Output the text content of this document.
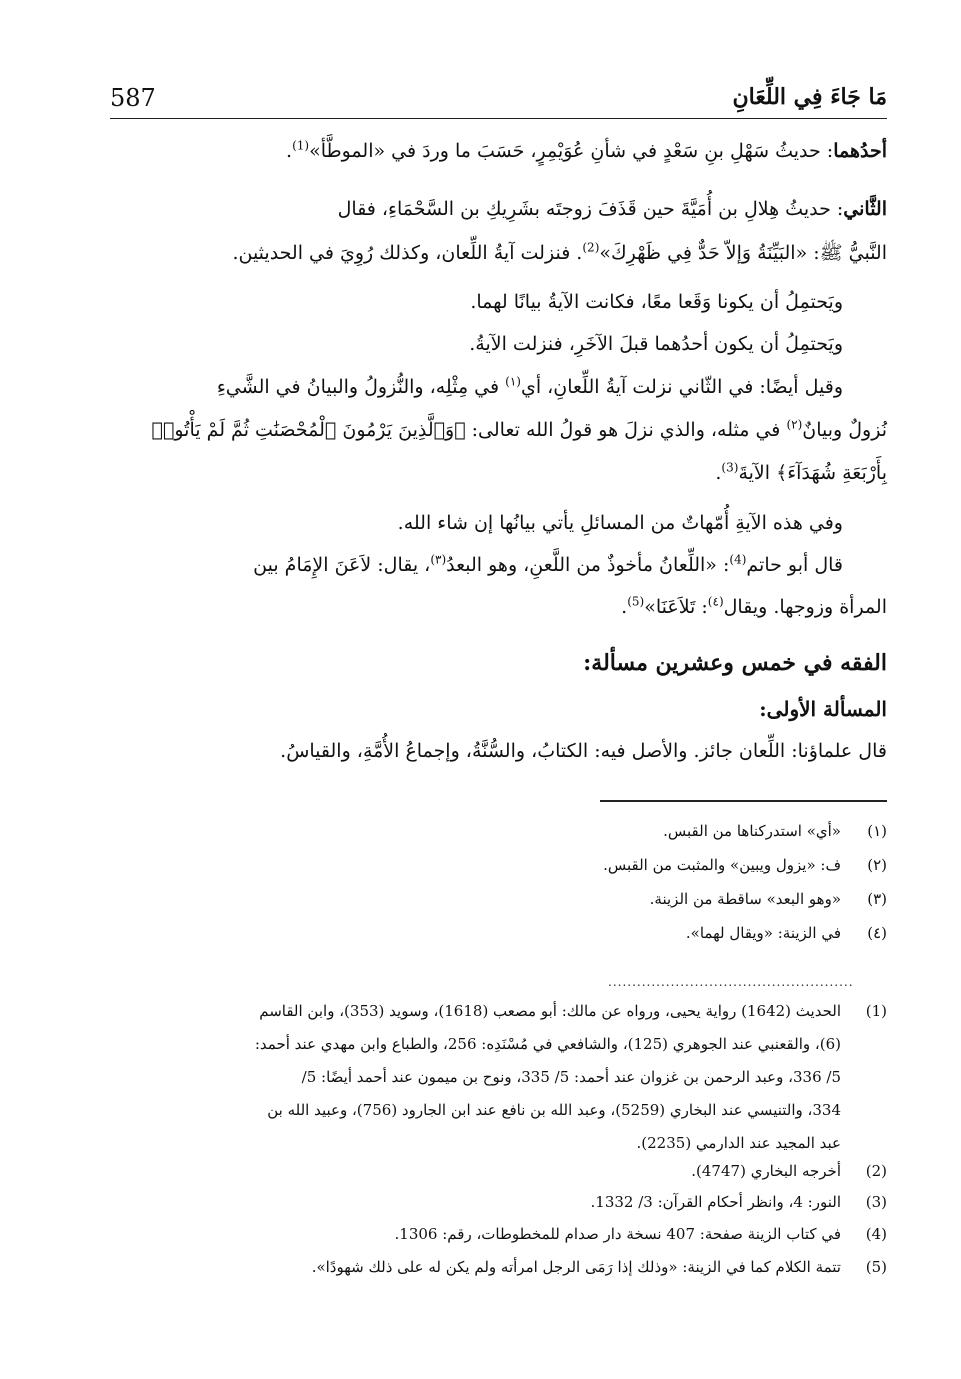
مَا جَاءَ فِي اللِّعَانِ
587
أحدُهما: حديثُ سَهْلِ بنِ سَعْدٍ في شأنِ عُوَيْمِرٍ، حَسَبَ ما وردَ في «الموطَّأ»$^{(1)}$.
الثَّاني: حديثُ هِلالِ بن أُمَيَّةَ حين قَذَفَ زوجتَه بشَرِيكِ بن السَّحْمَاءِ، فقال
النَّبيُّ ﷺ: «البَيِّنَةُ وَإلاّ حَدٌّ فِي ظَهْرِكَ»$^{(2)}$. فنزلت آيةُ اللِّعان، وكذلك رُوِيَ في الحديثين.
ويَحتمِلُ أن يكونا وَقَعا معًا، فكانت الآيةُ بيانًا لهما.
ويَحتمِلُ أن يكون أحدُهما قبلَ الآخَرِ، فنزلت الآيةُ.
وقيل أيضًا: في الثّاني نزلت آيةُ اللِّعانِ، أي$^{(١)}$ في مِثْلِه، والنُّزولُ والبيانُ في الشَّيءِ
نُزولٌ وبيانٌ$^{(٢)}$ في مثله، والذي نزلَ هو قولُ الله تعالى: ﴿وَٱلَّذِينَ يَرْمُونَ ٱلْمُحْصَنَٰتِ ثُمَّ لَمْ يَأْتُوا۟
بِأَرْبَعَةِ شُهَدَآءَ﴾ الآيةَ$^{(3)}$.
وفي هذه الآيةِ أُمّهاتٌ من المسائلِ يأتي بيانُها إن شاء الله.
قال أبو حاتم$^{(4)}$: «اللِّعانُ مأخوذٌ من اللَّعنِ، وهو البعدُ$^{(٣)}$، يقال: لاَعَنَ الإِمَامُ بين
المرأة وزوجها. ويقال$^{(٤)}$: تَلاَعَنَا»$^{(5)}$.
الفقه في خمس وعشرين مسألة:
المسألة الأولى:
قال علماؤنا: اللِّعان جائز. والأصل فيه: الكتابُ، والسُّنَّةُ، وإجماعُ الأُمَّةِ، والقياسُ.
(١)«أي» استدركناها من القبس.
(٢)ف: «يزول ويبين» والمثبت من القبس.
(٣)«وهو البعد» ساقطة من الزينة.
(٤)في الزينة: «ويقال لهما».
...................................................
(1)الحديث (1642) رواية يحيى، ورواه عن مالك: أبو مصعب (1618)، وسويد (353)، وابن القاسم
(6)، والقعنبي عند الجوهري (125)، والشافعي في مُسْنَدِه: 256، والطباع وابن مهدي عند أحمد:
5/ 336، وعبد الرحمن بن غزوان عند أحمد: 5/ 335، ونوح بن ميمون عند أحمد أيضًا: 5/
334، والتنيسي عند البخاري (5259)، وعبد الله بن نافع عند ابن الجارود (756)، وعبيد الله بن
عبد المجيد عند الدارمي (2235).
(2)أخرجه البخاري (4747).
(3)النور: 4، وانظر أحكام القرآن: 3/ 1332.
(4)في كتاب الزينة صفحة: 407 نسخة دار صدام للمخطوطات، رقم: 1306.
(5)تتمة الكلام كما في الزينة: «وذلك إذا رَمَى الرجل امرأته ولم يكن له على ذلك شهودًا».
